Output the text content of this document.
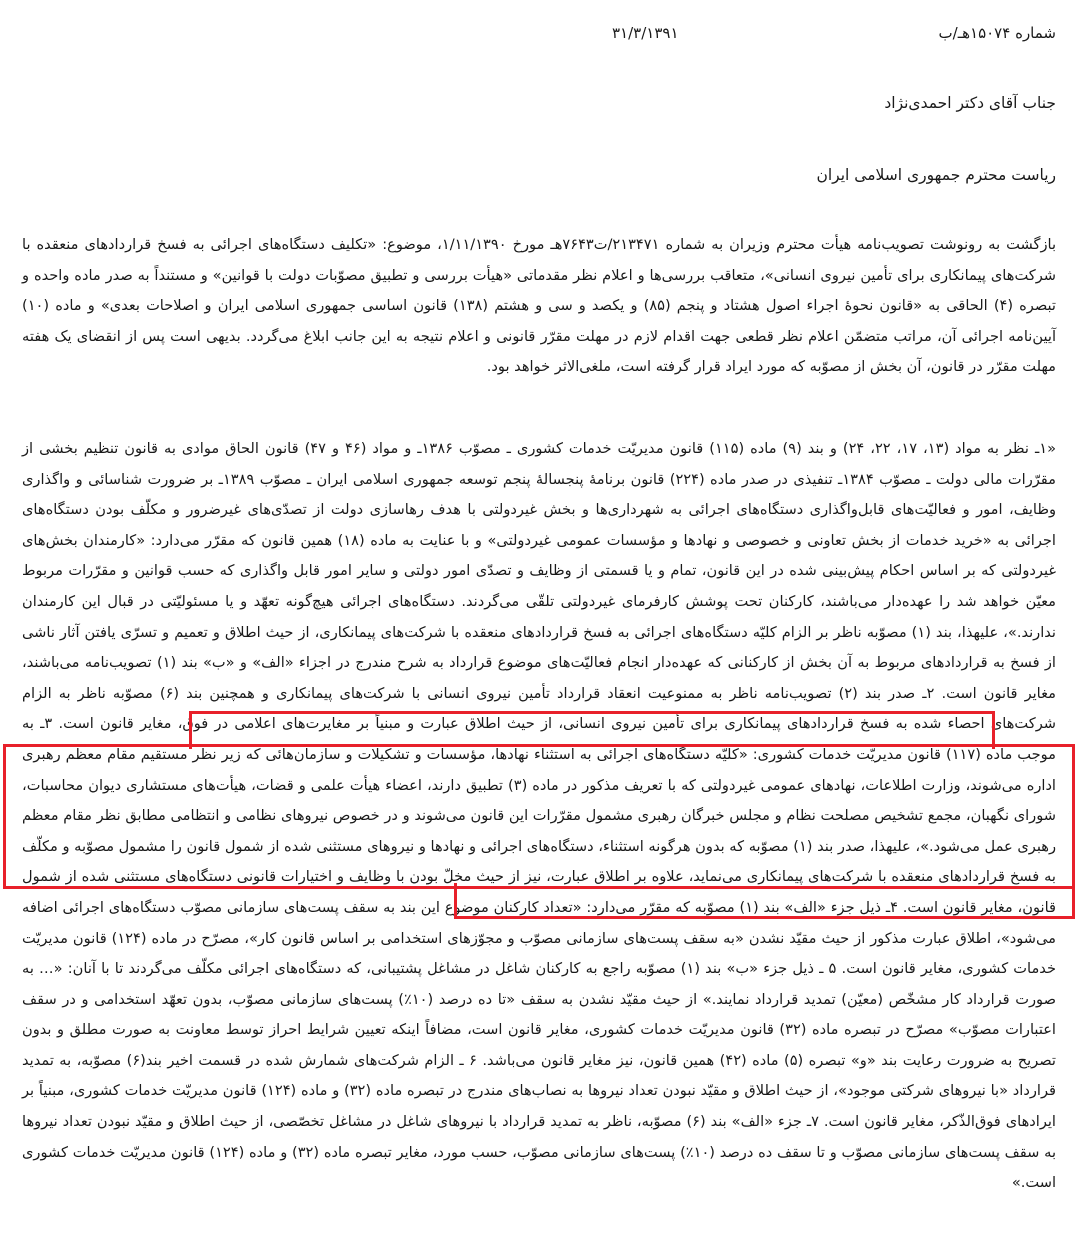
شماره ۱۵۰۷۴هـ/ب
۳۱/۳/۱۳۹۱
جناب آقای دکتر احمدی‌نژاد
ریاست محترم جمهوری اسلامی ایران

بازگشت به رونوشت تصویب‌نامه هیأت محترم وزیران به شماره ۲۱۳۴۷۱/ت۷۶۴۳هـ مورخ ۱/۱۱/۱۳۹۰، موضوع: «تکلیف دستگاه‌های اجرائی به فسخ قراردادهای منعقده با شرکت‌های پیمانکاری برای تأمین نیروی انسانی»، متعاقب بررسی‌ها و اعلام نظر مقدماتی «هیأت بررسی و تطبیق مصوّبات دولت با قوانین» و مستنداً به صدر ماده واحده و تبصره (۴) الحاقی به «قانون نحوهٔ اجراء اصول هشتاد و پنجم (۸۵) و یکصد و سی و هشتم (۱۳۸) قانون اساسی جمهوری اسلامی ایران و اصلاحات بعدی» و ماده (۱۰) آیین‌نامه اجرائی آن، مراتب متضمّن اعلام نظر قطعی جهت اقدام لازم در مهلت مقرّر قانونی و اعلام نتیجه به این جانب ابلاغ می‌گردد. بدیهی است پس از انقضای یک هفته مهلت مقرّر در قانون، آن بخش از مصوّبه که مورد ایراد قرار گرفته است، ملغی‌الاثر خواهد بود.

«۱ـ نظر به مواد (۱۳، ۱۷، ۲۲، ۲۴) و بند (۹) ماده (۱۱۵) قانون مدیریّت خدمات کشوری ـ مصوّب ۱۳۸۶ـ و مواد (۴۶ و ۴۷) قانون الحاق موادی به قانون تنظیم بخشی از مقرّرات مالی دولت ـ مصوّب ۱۳۸۴ـ تنفیذی در صدر ماده (۲۲۴) قانون برنامهٔ پنجسالهٔ پنجم توسعه جمهوری اسلامی ایران ـ مصوّب ۱۳۸۹ـ بر ضرورت شناسائی و واگذاری وظایف، امور و فعالیّت‌های قابل‌واگذاری دستگاه‌های اجرائی به شهرداری‌ها و بخش غیردولتی با هدف رهاسازی دولت از تصدّی‌های غیرضرور و مکلّف بودن دستگاه‌های اجرائی به «خرید خدمات از بخش تعاونی و خصوصی و نهادها و مؤسسات عمومی غیردولتی» و با عنایت به ماده (۱۸) همین قانون که مقرّر می‌دارد: «کارمندان بخش‌های غیردولتی که بر اساس احکام پیش‌بینی شده در این قانون، تمام و یا قسمتی از وظایف و تصدّی امور دولتی و سایر امور قابل واگذاری که حسب قوانین و مقرّرات مربوط معیّن خواهد شد را عهده‌دار می‌باشند، کارکنان تحت پوشش کارفرمای غیردولتی تلقّی می‌گردند. دستگاه‌های اجرائی هیچ‌گونه تعهّد و یا مسئولیّتی در قبال این کارمندان ندارند.»، علیهذا، بند (۱) مصوّبه ناظر بر الزام کلیّه دستگاه‌های اجرائی به فسخ قراردادهای منعقده با شرکت‌های پیمانکاری، از حیث اطلاق و تعمیم و تسرّی یافتن آثار ناشی از فسخ به قراردادهای مربوط به آن بخش از کارکنانی که عهده‌دار انجام فعالیّت‌های موضوع قرارداد به شرح مندرج در اجزاء «الف» و «ب» بند (۱) تصویب‌نامه می‌باشند، مغایر قانون است. ۲ـ صدر بند (۲) تصویب‌نامه ناظر به ممنوعیت انعقاد قرارداد تأمین نیروی انسانی با شرکت‌های پیمانکاری و همچنین بند (۶) مصوّبه ناظر به الزام شرکت‌های احصاء شده به فسخ قراردادهای پیمانکاری برای تأمین نیروی انسانی، از حیث اطلاق عبارت و مبنیاً بر مغایرت‌های اعلامی در فوق، مغایر قانون است. ۳ـ به موجب ماده (۱۱۷) قانون مدیریّت خدمات کشوری: «کلیّه دستگاه‌های اجرائی به استثناء نهادها، مؤسسات و تشکیلات و سازمان‌هائی که زیر نظر مستقیم مقام معظم رهبری اداره می‌شوند، وزارت اطلاعات، نهادهای عمومی غیردولتی که با تعریف مذکور در ماده (۳) تطبیق دارند، اعضاء هیأت علمی و قضات، هیأت‌های مستشاری دیوان محاسبات، شورای نگهبان، مجمع تشخیص مصلحت نظام و مجلس خبرگان رهبری مشمول مقرّرات این قانون می‌شوند و در خصوص نیروهای نظامی و انتظامی مطابق نظر مقام معظم رهبری عمل می‌شود.»، علیهذا، صدر بند (۱) مصوّبه که بدون هرگونه استثناء، دستگاه‌های اجرائی و نهادها و نیروهای مستثنی شده از شمول قانون را مشمول مصوّبه و مکلّف به فسخ قراردادهای منعقده با شرکت‌های پیمانکاری می‌نماید، علاوه بر اطلاق عبارت، نیز از حیث مخلّ بودن با وظایف و اختیارات قانونی دستگاه‌های مستثنی شده از شمول قانون، مغایر قانون است. ۴ـ ذیل جزء «الف» بند (۱) مصوّبه که مقرّر می‌دارد: «تعداد کارکنان موضوع این بند به سقف پست‌های سازمانی مصوّب دستگاه‌های اجرائی اضافه می‌شود»، اطلاق عبارت مذکور از حیث مقیّد نشدن «به سقف پست‌های سازمانی مصوّب و مجوّزهای استخدامی بر اساس قانون کار»، مصرّح در ماده (۱۲۴) قانون مدیریّت خدمات کشوری، مغایر قانون است. ۵ ـ ذیل جزء «ب» بند (۱) مصوّبه راجع به کارکنان شاغل در مشاغل پشتیبانی، که دستگاه‌های اجرائی مکلّف می‌گردند تا با آنان: «… به صورت قرارداد کار مشخّص (معیّن) تمدید قرارداد نمایند.» از حیث مقیّد نشدن به سقف «تا ده درصد (۱۰٪) پست‌های سازمانی مصوّب، بدون تعهّد استخدامی و در سقف اعتبارات مصوّب» مصرّح در تبصره ماده (۳۲) قانون مدیریّت خدمات کشوری، مغایر قانون است، مضافاً اینکه تعیین شرایط احراز توسط معاونت به صورت مطلق و بدون تصریح به ضرورت رعایت بند «و» تبصره (۵) ماده (۴۲) همین قانون، نیز مغایر قانون می‌باشد. ۶ ـ الزام شرکت‌های شمارش شده در قسمت اخیر بند(۶) مصوّبه، به تمدید قرارداد «با نیروهای شرکتی موجود»، از حیث اطلاق و مقیّد نبودن تعداد نیروها به نصاب‌های مندرج در تبصره ماده (۳۲) و ماده (۱۲۴) قانون مدیریّت خدمات کشوری، مبنیاً بر ایرادهای فوق‌الذّکر، مغایر قانون است. ۷ـ جزء «الف» بند (۶) مصوّبه، ناظر به تمدید قرارداد با نیروهای شاغل در مشاغل تخصّصی، از حیث اطلاق و مقیّد نبودن تعداد نیروها به سقف پست‌های سازمانی مصوّب و تا سقف ده درصد (۱۰٪) پست‌های سازمانی مصوّب، حسب مورد، مغایر تبصره ماده (۳۲) و ماده (۱۲۴) قانون مدیریّت خدمات کشوری است.»
